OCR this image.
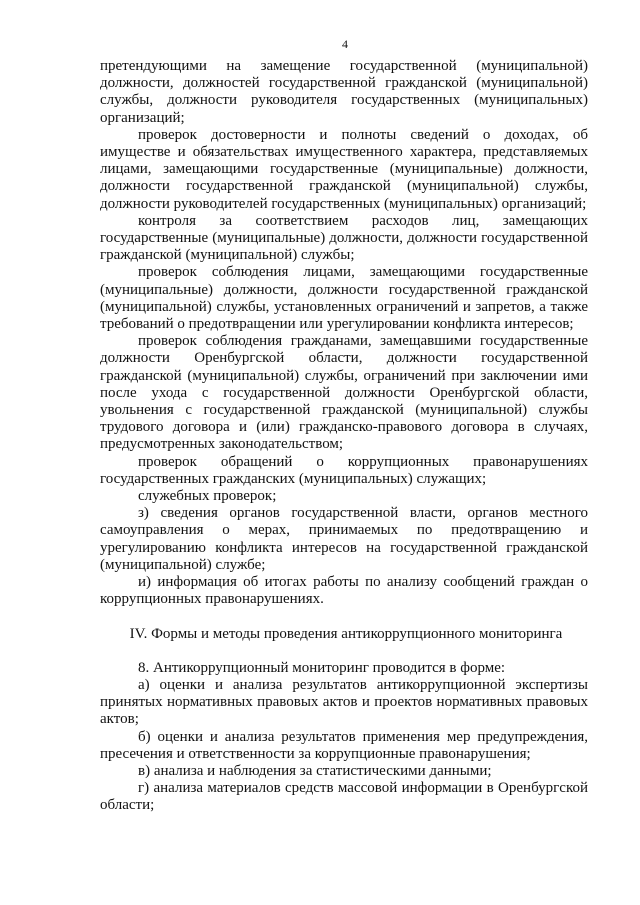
4

претендующими на замещение государственной (муниципальной) должности, должностей государственной гражданской (муниципальной) службы, должности руководителя государственных (муниципальных) организаций;

проверок достоверности и полноты сведений о доходах, об имуществе и обязательствах имущественного характера, представляемых лицами, замещающими государственные (муниципальные) должности, должности государственной гражданской (муниципальной) службы, должности руководителей государственных (муниципальных) организаций;

контроля за соответствием расходов лиц, замещающих государственные (муниципальные) должности, должности государственной гражданской (муниципальной) службы;

проверок соблюдения лицами, замещающими государственные (муниципальные) должности, должности государственной гражданской (муниципальной) службы, установленных ограничений и запретов, а также требований о предотвращении или урегулировании конфликта интересов;

проверок соблюдения гражданами, замещавшими государственные должности Оренбургской области, должности государственной гражданской (муниципальной) службы, ограничений при заключении ими после ухода с государственной должности Оренбургской области, увольнения с государственной гражданской (муниципальной) службы трудового договора и (или) гражданско-правового договора в случаях, предусмотренных законодательством;

проверок обращений о коррупционных правонарушениях государственных гражданских (муниципальных) служащих;

служебных проверок;

з) сведения органов государственной власти, органов местного самоуправления о мерах, принимаемых по предотвращению и урегулированию конфликта интересов на государственной гражданской (муниципальной) службе;

и) информация об итогах работы по анализу сообщений граждан о коррупционных правонарушениях.

IV. Формы и методы проведения антикоррупционного мониторинга

8. Антикоррупционный мониторинг проводится в форме:

а) оценки и анализа результатов антикоррупционной экспертизы принятых нормативных правовых актов и проектов нормативных правовых актов;

б) оценки и анализа результатов применения мер предупреждения, пресечения и ответственности за коррупционные правонарушения;

в) анализа и наблюдения за статистическими данными;

г) анализа материалов средств массовой информации в Оренбургской области;
